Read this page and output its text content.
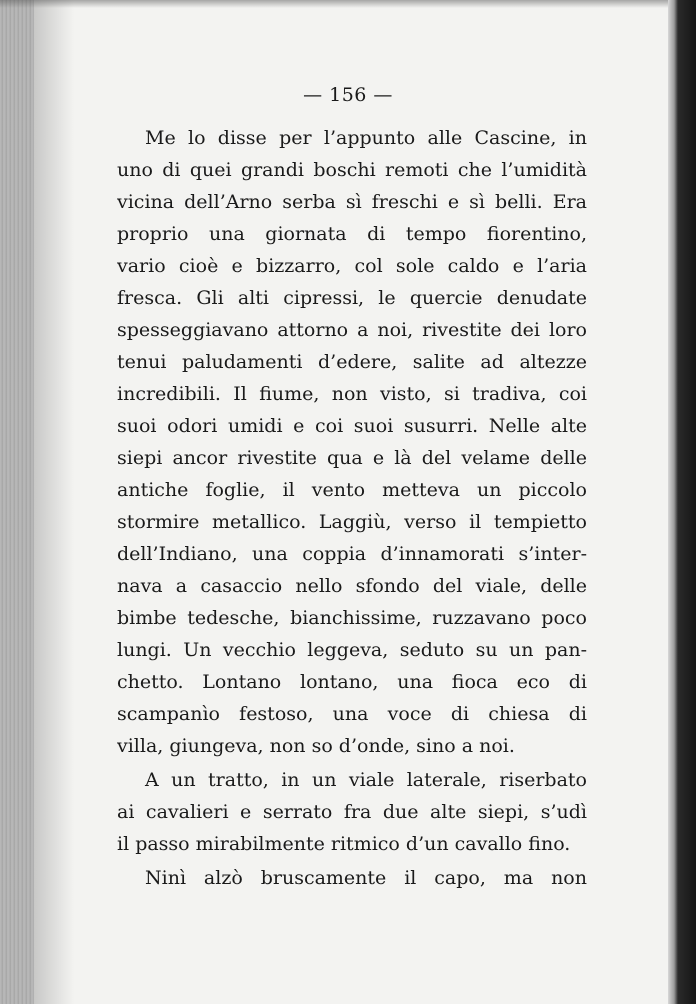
— 156 —
Me lo disse per l’appunto alle Cascine, in
uno di quei grandi boschi remoti che l’umidità
vicina dell’Arno serba sì freschi e sì belli. Era
proprio una giornata di tempo fiorentino,
vario cioè e bizzarro, col sole caldo e l’aria
fresca. Gli alti cipressi, le quercie denudate
spesseggiavano attorno a noi, rivestite dei loro
tenui paludamenti d’edere, salite ad altezze
incredibili. Il fiume, non visto, si tradiva, coi
suoi odori umidi e coi suoi susurri. Nelle alte
siepi ancor rivestite qua e là del velame delle
antiche foglie, il vento metteva un piccolo
stormire metallico. Laggiù, verso il tempietto
dell’Indiano, una coppia d’innamorati s’inter-
nava a casaccio nello sfondo del viale, delle
bimbe tedesche, bianchissime, ruzzavano poco
lungi. Un vecchio leggeva, seduto su un pan-
chetto. Lontano lontano, una fioca eco di
scampanìo festoso, una voce di chiesa di
villa, giungeva, non so d’onde, sino a noi.
A un tratto, in un viale laterale, riserbato
ai cavalieri e serrato fra due alte siepi, s’udì
il passo mirabilmente ritmico d’un cavallo fino.
Ninì alzò bruscamente il capo, ma non
